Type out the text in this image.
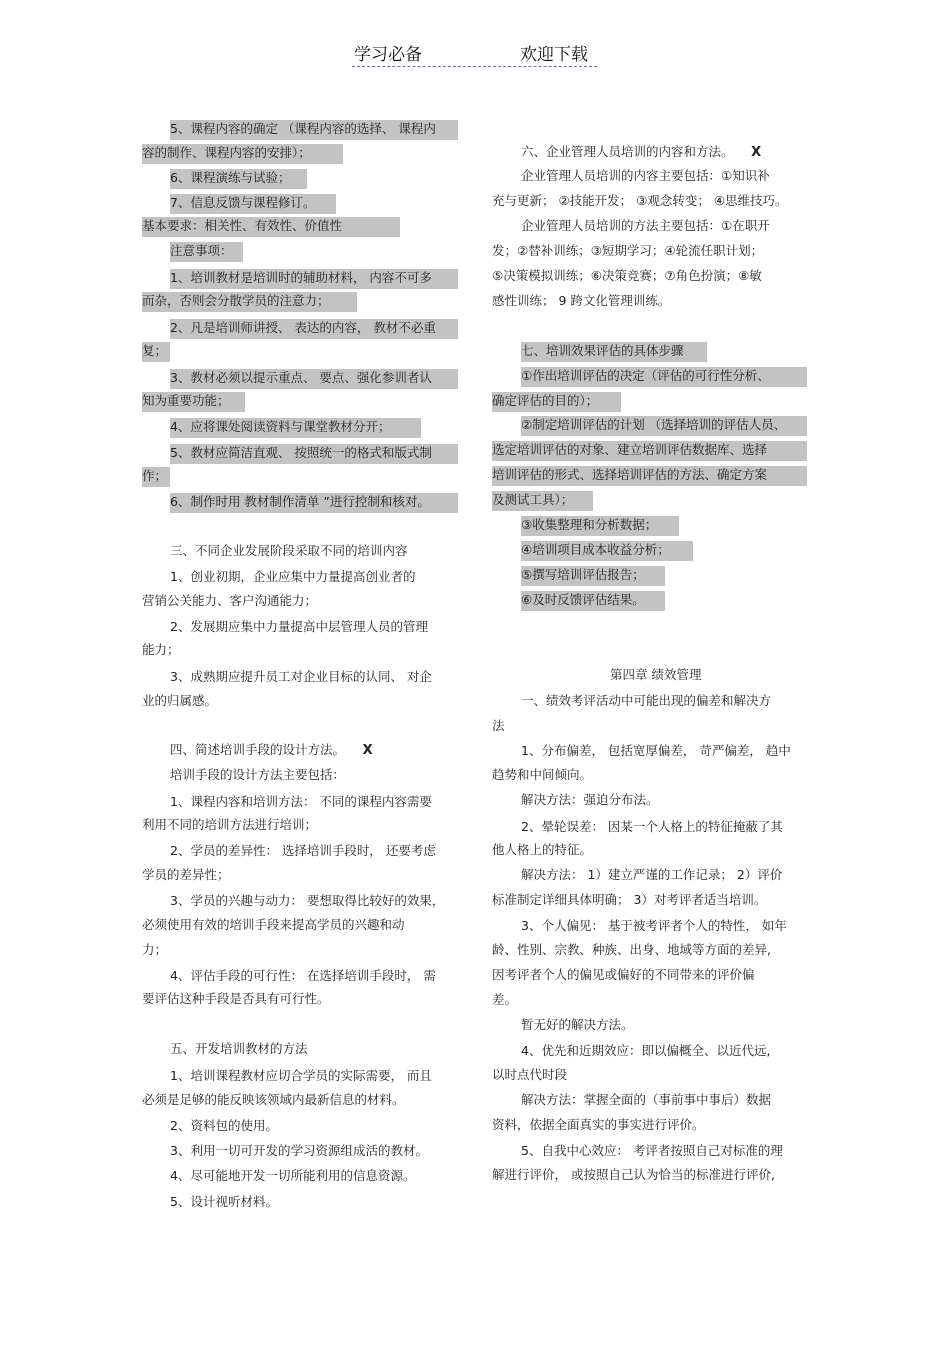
学习必备	欢迎下载
5、课程内容的确定 （课程内容的选择、 课程内
容的制作、课程内容的安排）；
6、课程演练与试验；
7、信息反馈与课程修订。
基本要求：相关性、有效性、价值性
注意事项：
1、培训教材是培训时的辅助材料， 内容不可多
而杂，否则会分散学员的注意力；
2、凡是培训师讲授、 表达的内容， 教材不必重
复；
3、教材必须以提示重点、 要点、强化参训者认
知为重要功能；
4、应将课处阅读资料与课堂教材分开；
5、教材应简洁直观、 按照统一的格式和版式制
作；
6、制作时用 教材制作清单 ”进行控制和核对。
三、不同企业发展阶段采取不同的培训内容
1、创业初期，企业应集中力量提高创业者的
营销公关能力、客户沟通能力；
2、发展期应集中力量提高中层管理人员的管理
能力；
3、成熟期应提升员工对企业目标的认同、 对企
业的归属感。
四、简述培训手段的设计方法。   X
培训手段的设计方法主要包括：
1、课程内容和培训方法： 不同的课程内容需要
利用不同的培训方法进行培训；
2、学员的差异性： 选择培训手段时， 还要考虑
学员的差异性；
3、学员的兴趣与动力： 要想取得比较好的效果，
必须使用有效的培训手段来提高学员的兴趣和动
力；
4、评估手段的可行性： 在选择培训手段时， 需
要评估这种手段是否具有可行性。
五、开发培训教材的方法
1、培训课程教材应切合学员的实际需要， 而且
必须是足够的能反映该领域内最新信息的材料。
2、资料包的使用。
3、利用一切可开发的学习资源组成活的教材。
4、尽可能地开发一切所能利用的信息资源。
5、设计视听材料。
六、企业管理人员培训的内容和方法。   X
企业管理人员培训的内容主要包括：①知识补
充与更新； ②技能开发； ③观念转变； ④思维技巧。
企业管理人员培训的方法主要包括：①在职开
发；②替补训练；③短期学习；④轮流任职计划；
⑤决策模拟训练；⑥决策竞赛；⑦角色扮演；⑧敏
感性训练； 9 跨文化管理训练。
七、培训效果评估的具体步骤
①作出培训评估的决定（评估的可行性分析、
确定评估的目的）；
②制定培训评估的计划 （选择培训的评估人员、
选定培训评估的对象、建立培训评估数据库、选择
培训评估的形式、选择培训评估的方法、确定方案
及测试工具）；
③收集整理和分析数据；
④培训项目成本收益分析；
⑤撰写培训评估报告；
⑥及时反馈评估结果。
第四章 绩效管理
一、绩效考评活动中可能出现的偏差和解决方
法
1、分布偏差， 包括宽厚偏差， 苛严偏差， 趋中
趋势和中间倾向。
解决方法：强迫分布法。
2、晕轮误差： 因某一个人格上的特征掩蔽了其
他人格上的特征。
解决方法： 1）建立严谨的工作记录； 2）评价
标准制定详细具体明确； 3）对考评者适当培训。
3、个人偏见： 基于被考评者个人的特性， 如年
龄、性别、宗教、种族、出身、地域等方面的差异,
因考评者个人的偏见或偏好的不同带来的评价偏
差。
暂无好的解决方法。
4、优先和近期效应：即以偏概全、以近代远,
以时点代时段
解决方法：掌握全面的（事前事中事后）数据
资料，依据全面真实的事实进行评价。
5、自我中心效应： 考评者按照自己对标准的理
解进行评价， 或按照自己认为恰当的标准进行评价,
